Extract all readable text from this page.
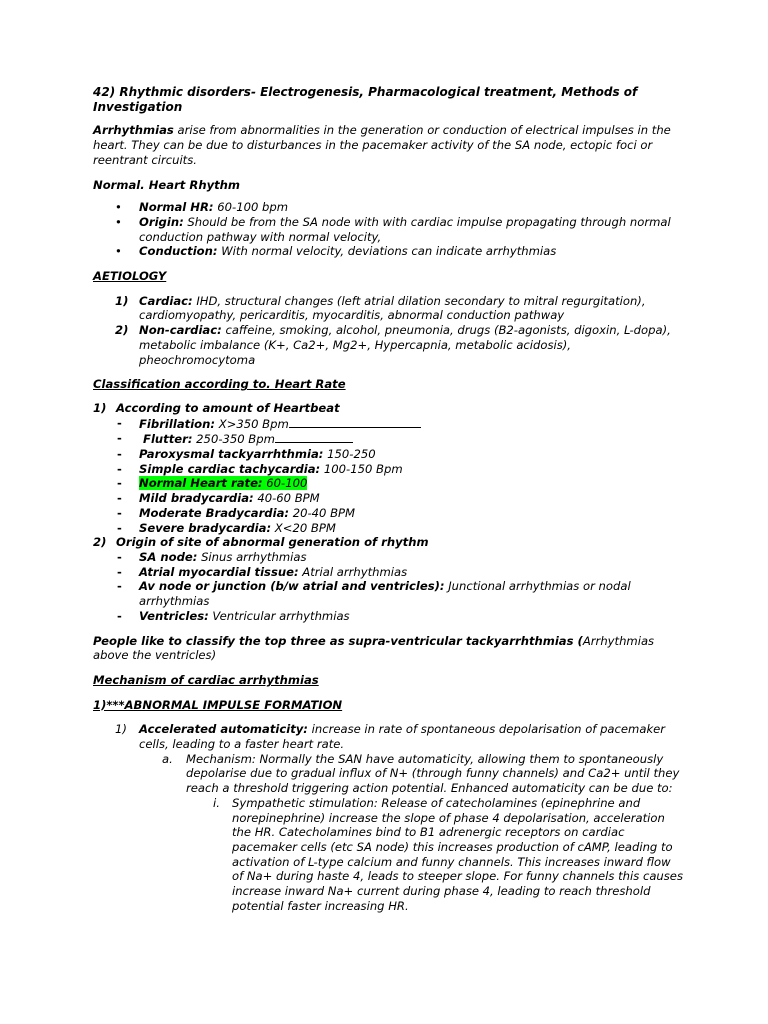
42) Rhythmic disorders- Electrogenesis, Pharmacological treatment, Methods of Investigation

Arrhythmias arise from abnormalities in the generation or conduction of electrical impulses in the heart. They can be due to disturbances in the pacemaker activity of the SA node, ectopic foci or reentrant circuits.

Normal. Heart Rhythm

• Normal HR: 60-100 bpm
• Origin: Should be from the SA node with with cardiac impulse propagating through normal conduction pathway with normal velocity,
• Conduction: With normal velocity, deviations can indicate arrhythmias

AETIOLOGY

1) Cardiac: IHD, structural changes (left atrial dilation secondary to mitral regurgitation), cardiomyopathy, pericarditis, myocarditis, abnormal conduction pathway
2) Non-cardiac: caffeine, smoking, alcohol, pneumonia, drugs (B2-agonists, digoxin, L-dopa), metabolic imbalance (K+, Ca2+, Mg2+, Hypercapnia, metabolic acidosis), pheochromocytoma

Classification according to. Heart Rate

1) According to amount of Heartbeat
- Fibrillation: X>350 Bpm
-  Flutter: 250-350 Bpm
- Paroxysmal tackyarrhthmia: 150-250
- Simple cardiac tachycardia: 100-150 Bpm
- Normal Heart rate: 60-100
- Mild bradycardia: 40-60 BPM
- Moderate Bradycardia: 20-40 BPM
- Severe bradycardia: X<20 BPM
2) Origin of site of abnormal generation of rhythm
- SA node: Sinus arrhythmias
- Atrial myocardial tissue: Atrial arrhythmias
- Av node or junction (b/w atrial and ventricles): Junctional arrhythmias or nodal arrhythmias
- Ventricles: Ventricular arrhythmias

People like to classify the top three as supra-ventricular tackyarrhthmias (Arrhythmias above the ventricles)

Mechanism of cardiac arrhythmias

1)***ABNORMAL IMPULSE FORMATION

1) Accelerated automaticity: increase in rate of spontaneous depolarisation of pacemaker cells, leading to a faster heart rate.
a. Mechanism: Normally the SAN have automaticity, allowing them to spontaneously depolarise due to gradual influx of N+ (through funny channels) and Ca2+ until they reach a threshold triggering action potential. Enhanced automaticity can be due to:
i. Sympathetic stimulation: Release of catecholamines (epinephrine and norepinephrine) increase the slope of phase 4 depolarisation, acceleration the HR. Catecholamines bind to B1 adrenergic receptors on cardiac pacemaker cells (etc SA node) this increases production of cAMP, leading to activation of L-type calcium and funny channels. This increases inward flow of Na+ during haste 4, leads to steeper slope. For funny channels this causes increase inward Na+ current during phase 4, leading to reach threshold potential faster increasing HR.
